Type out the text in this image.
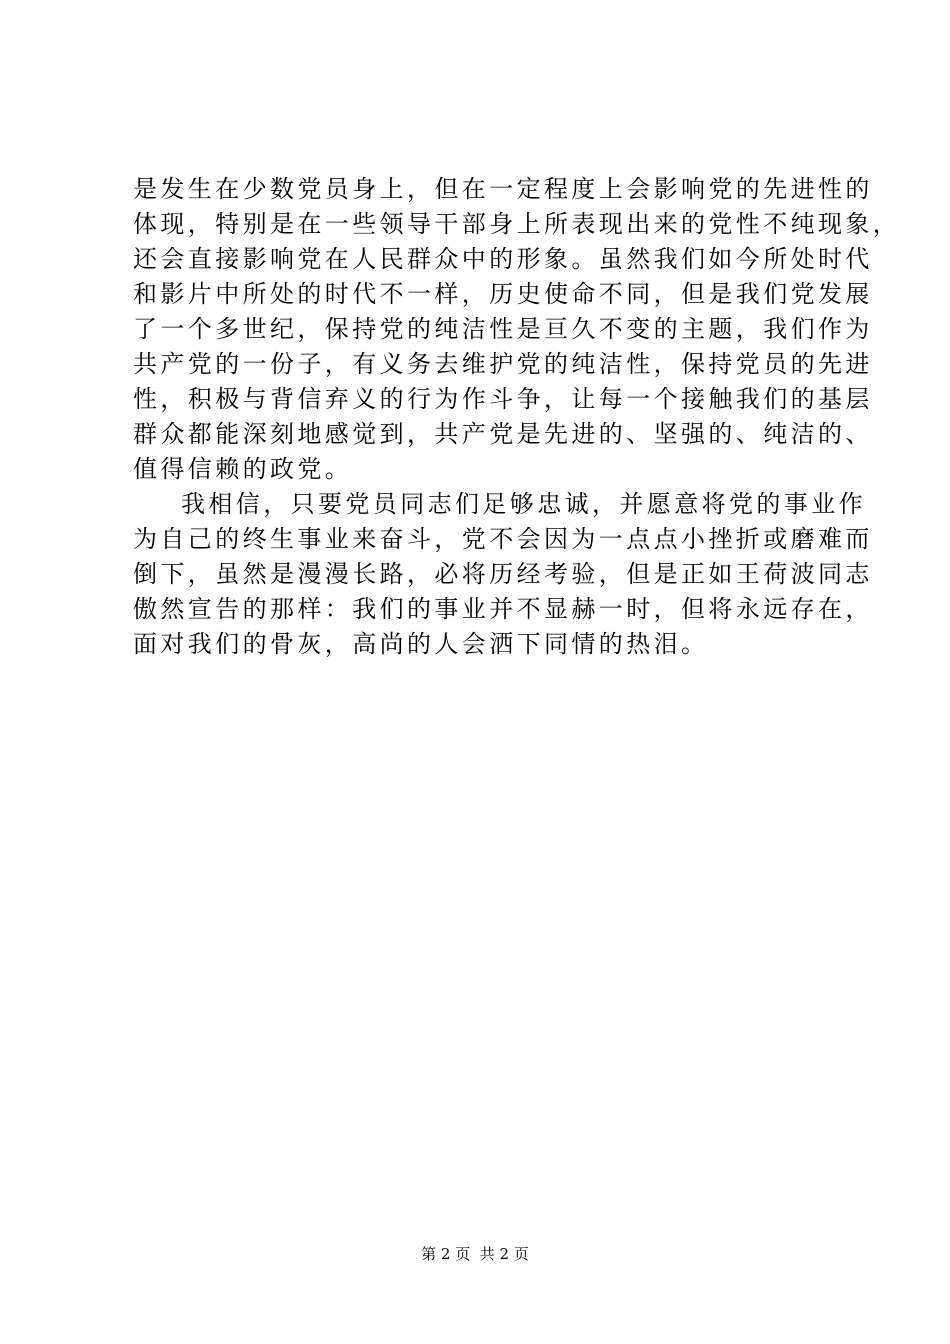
是发生在少数党员身上，但在一定程度上会影响党的先进性的
体现，特别是在一些领导干部身上所表现出来的党性不纯现象，
还会直接影响党在人民群众中的形象。虽然我们如今所处时代
和影片中所处的时代不一样，历史使命不同，但是我们党发展
了一个多世纪，保持党的纯洁性是亘久不变的主题，我们作为
共产党的一份子，有义务去维护党的纯洁性，保持党员的先进
性，积极与背信弃义的行为作斗争，让每一个接触我们的基层
群众都能深刻地感觉到，共产党是先进的、坚强的、纯洁的、
值得信赖的政党。
我相信，只要党员同志们足够忠诚，并愿意将党的事业作
为自己的终生事业来奋斗，党不会因为一点点小挫折或磨难而
倒下，虽然是漫漫长路，必将历经考验，但是正如王荷波同志
傲然宣告的那样：我们的事业并不显赫一时，但将永远存在，
面对我们的骨灰，高尚的人会洒下同情的热泪。
第 2 页  共 2 页
